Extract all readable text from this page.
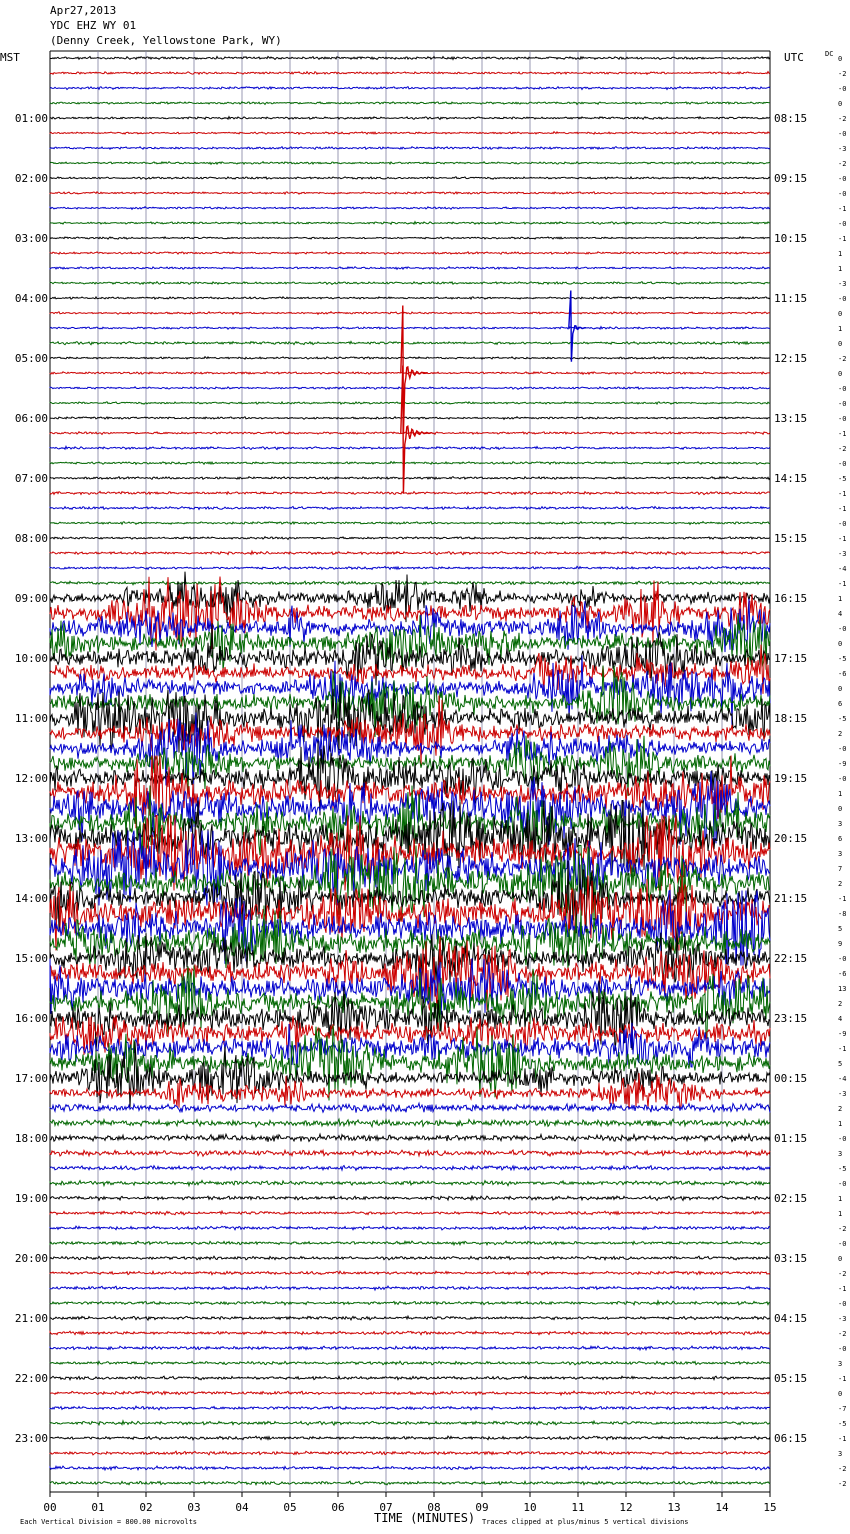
Apr27,2013
YDC EHZ WY 01
(Denny Creek, Yellowstone Park, WY)
MST	UTC	DC
Each Vertical Division = 800.00 microvolts	TIME (MINUTES) Traces clipped at plus/minus 5 vertical divisions
00	01	02	03	04	05	06	07	08	09	10	11	12	13	14	15
0
-2
-0
0
-2
-0
-3
-2
-0
-0
-1
-0
-1
1
1
-3
-0
0
1
0
-2
0
-0
-0
-0
-1
-2
-0
-5
-1
-1
-0
-1
-3
-4
-1
1
4
-0
0
-5
-6
0
6
-5
2
-0
-9
-0
1
0
3
6
3
7
2
-1
-8
5
9
-0
-6
13
2
4
-9
-1
5
-4
-3
2
1
-0
3
-5
-0
1
1
-2
-0
0
-2
-1
-0
-3
-2
-0
3
-1
0
-7
-5
-1
3
-2
-2
01:00	08:15
02:00	09:15
03:00	10:15
04:00	11:15
05:00	12:15
06:00	13:15
07:00	14:15
08:00	15:15
09:00	16:15
10:00	17:15
11:00	18:15
12:00	19:15
13:00	20:15
14:00	21:15
15:00	22:15
16:00	23:15
17:00	00:15
18:00	01:15
19:00	02:15
20:00	03:15
21:00	04:15
22:00	05:15
23:00	06:15
